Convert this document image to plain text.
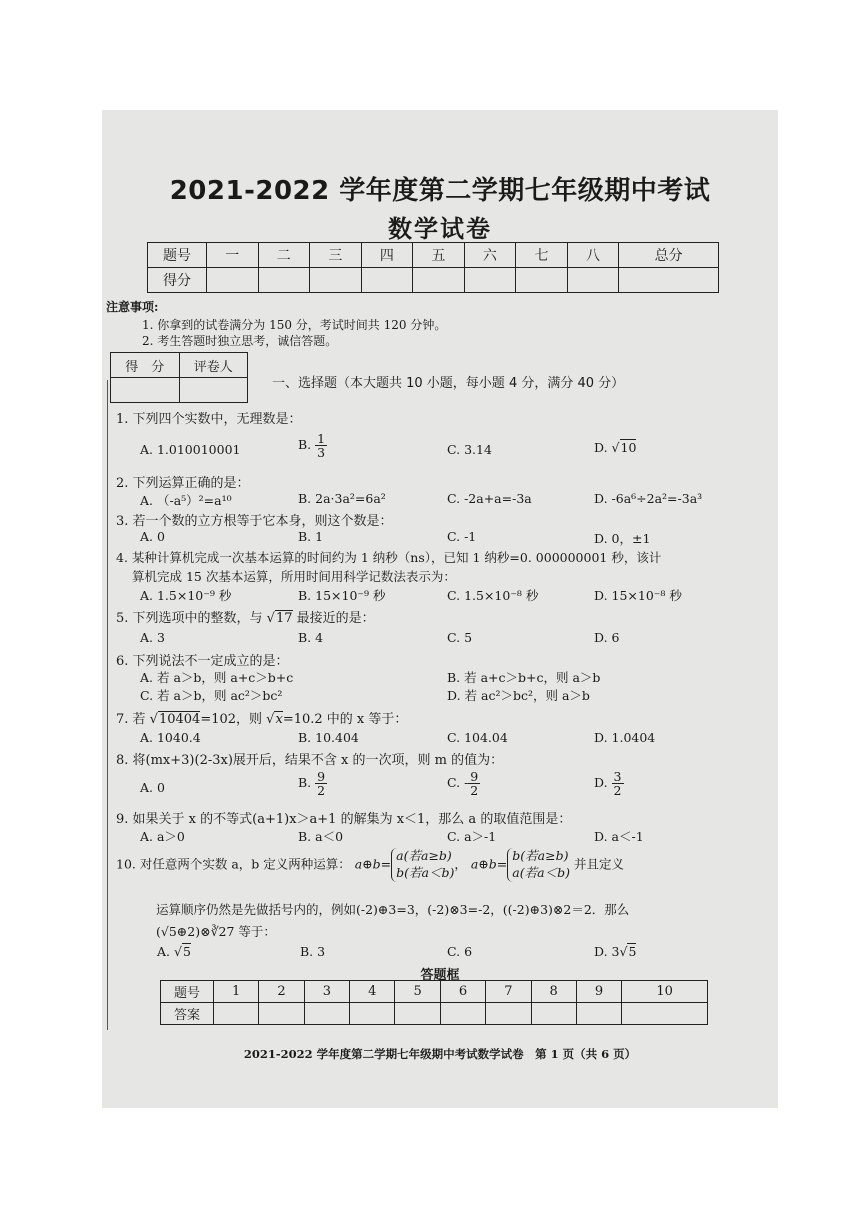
2021-2022 学年度第二学期七年级期中考试
数学试卷
题号	一	二	三	四	五	六	七	八	总分
得分									
注意事项:
1. 你拿到的试卷满分为 150 分，考试时间共 120 分钟。
2. 考生答题时独立思考，诚信答题。
得　分	评卷人

一、选择题（本大题共 10 小题，每小题 4 分，满分 40 分）
1. 下列四个实数中，无理数是：
A. 1.010010001	B. $\frac{1}{3}$	C. 3.14	D. √10
2. 下列运算正确的是：
A. （-a⁵）²=a¹⁰	B. 2a·3a²=6a²	C. -2a+a=-3a	D. -6a⁶÷2a²=-3a³
3. 若一个数的立方根等于它本身，则这个数是：
A. 0	B. 1	C. -1	D. 0，±1
4. 某种计算机完成一次基本运算的时间约为 1 纳秒（ns），已知 1 纳秒=0. 000000001 秒，该计
算机完成 15 次基本运算，所用时间用科学记数法表示为：
A. 1.5×10⁻⁹ 秒	B. 15×10⁻⁹ 秒	C. 1.5×10⁻⁸ 秒	D. 15×10⁻⁸ 秒
5. 下列选项中的整数，与 √17 最接近的是：
A. 3	B. 4	C. 5	D. 6
6. 下列说法不一定成立的是：
A. 若 a＞b，则 a+c＞b+c	B. 若 a+c＞b+c，则 a＞b
C. 若 a＞b，则 ac²＞bc²	D. 若 ac²＞bc²，则 a＞b
7. 若 √10404=102，则 √x=10.2 中的 x 等于：
A. 1040.4	B. 10.404	C. 104.04	D. 1.0404
8. 将(mx+3)(2-3x)展开后，结果不含 x 的一次项，则 m 的值为：
A. 0	B. $\frac{9}{2}$	C. - $\frac{9}{2}$	D. $\frac{3}{2}$
9. 如果关于 x 的不等式(a+1)x＞a+1 的解集为 x＜1，那么 a 的取值范围是：
A. a＞0	B. a＜0	C. a＞-1	D. a＜-1
10. 对任意两个实数 a，b 定义两种运算： a⊕b=
a(若a≥b)
b(若a＜b)
， a⊕b=
b(若a≥b)
a(若a＜b)
并且定义
运算顺序仍然是先做括号内的，例如(-2)⊕3=3，(-2)⊗3=-2，((-2)⊕3)⊗2＝2．那么
(√5⊕2)⊗∛27 等于：
A. √5	B. 3	C. 6	D. 3√5
答题框
题号	1	2	3	4	5	6	7	8	9	10
答案										
2021-2022 学年度第二学期七年级期中考试数学试卷　第 1 页（共 6 页）
